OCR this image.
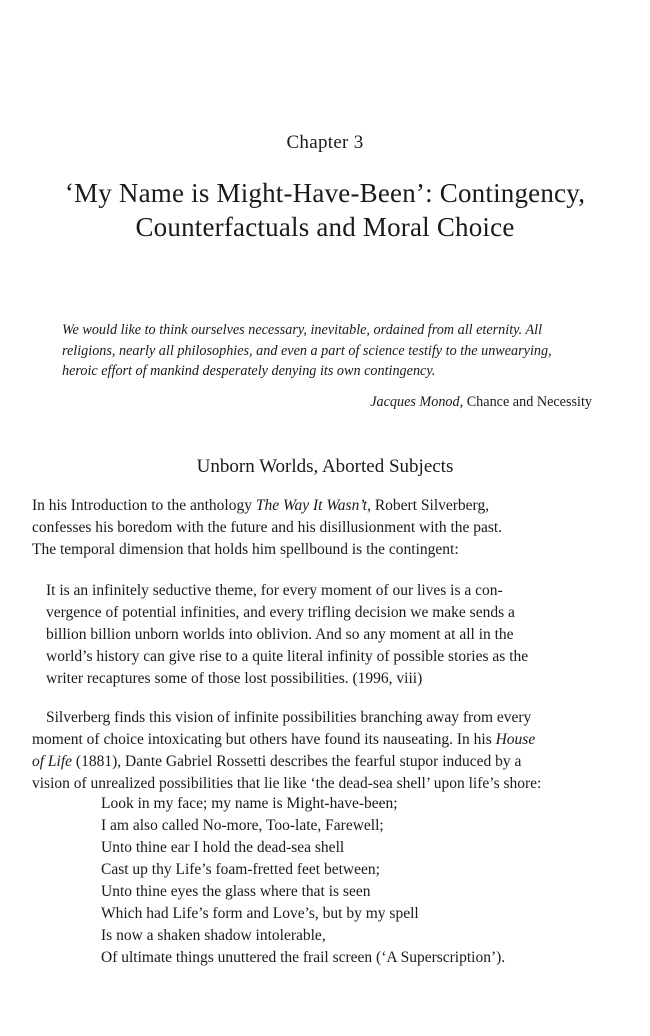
Chapter 3
‘My Name is Might-Have-Been’: Contingency,
Counterfactuals and Moral Choice
We would like to think ourselves necessary, inevitable, ordained from all eternity. All
religions, nearly all philosophies, and even a part of science testify to the unwearying,
heroic effort of mankind desperately denying its own contingency.
Jacques Monod, Chance and Necessity
Unborn Worlds, Aborted Subjects
In his Introduction to the anthology The Way It Wasn’t, Robert Silverberg,
confesses his boredom with the future and his disillusionment with the past.
The temporal dimension that holds him spellbound is the contingent:
It is an infinitely seductive theme, for every moment of our lives is a con-
vergence of potential infinities, and every trifling decision we make sends a
billion billion unborn worlds into oblivion. And so any moment at all in the
world’s history can give rise to a quite literal infinity of possible stories as the
writer recaptures some of those lost possibilities. (1996, viii)
Silverberg finds this vision of infinite possibilities branching away from every
moment of choice intoxicating but others have found its nauseating. In his House
of Life (1881), Dante Gabriel Rossetti describes the fearful stupor induced by a
vision of unrealized possibilities that lie like ‘the dead-sea shell’ upon life’s shore:
Look in my face; my name is Might-have-been;
I am also called No-more, Too-late, Farewell;
Unto thine ear I hold the dead-sea shell
Cast up thy Life’s foam-fretted feet between;
Unto thine eyes the glass where that is seen
Which had Life’s form and Love’s, but by my spell
Is now a shaken shadow intolerable,
Of ultimate things unuttered the frail screen (‘A Superscription’).
